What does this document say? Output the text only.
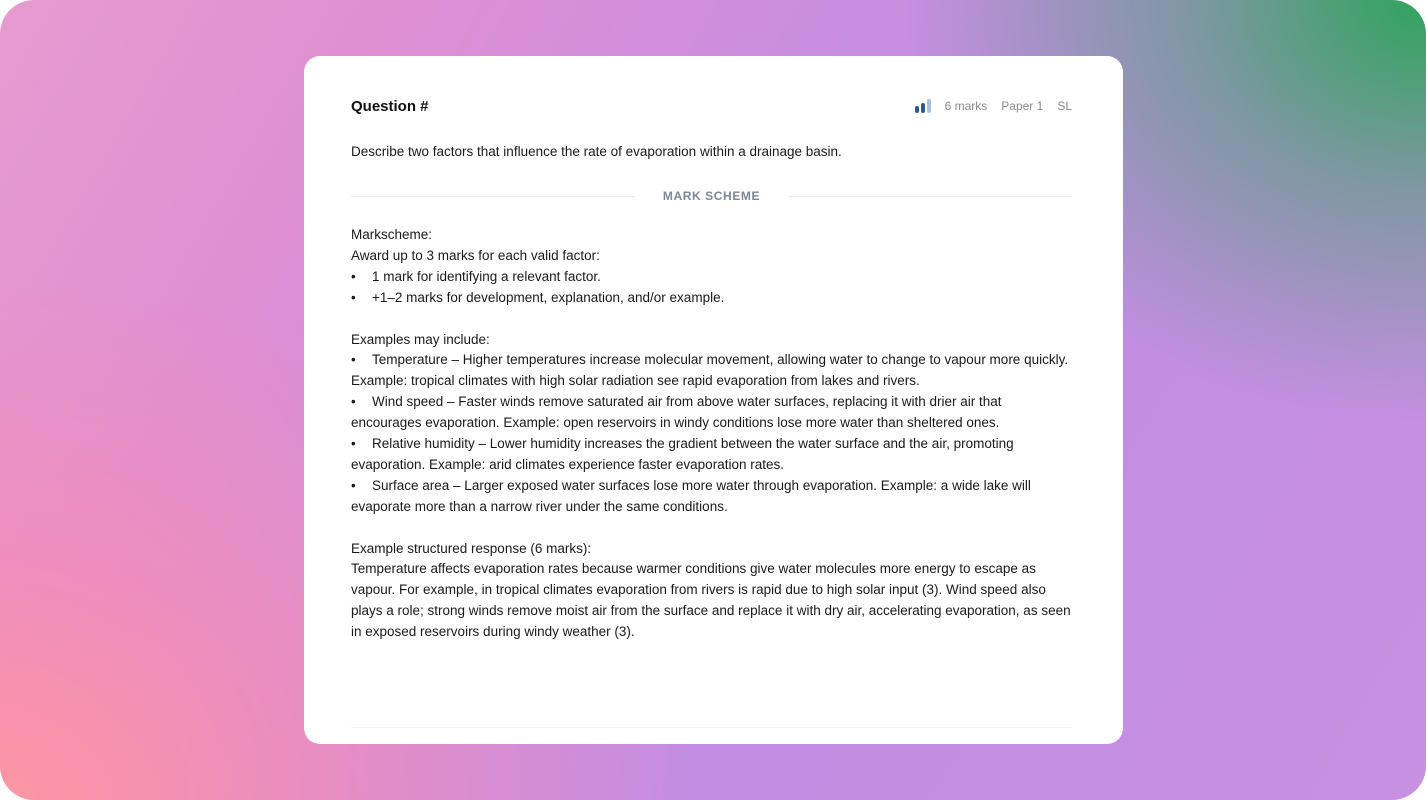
Question #	6 marks Paper 1 SL
Describe two factors that influence the rate of evaporation within a drainage basin.
MARK SCHEME

Markscheme:

Award up to 3 marks for each valid factor:

• 1 mark for identifying a relevant factor.

• +1–2 marks for development, explanation, and/or example.

Examples may include:

• Temperature – Higher temperatures increase molecular movement, allowing water to change to vapour more quickly. Example: tropical climates with high solar radiation see rapid evaporation from lakes and rivers.

• Wind speed – Faster winds remove saturated air from above water surfaces, replacing it with drier air that encourages evaporation. Example: open reservoirs in windy conditions lose more water than sheltered ones.

• Relative humidity – Lower humidity increases the gradient between the water surface and the air, promoting evaporation. Example: arid climates experience faster evaporation rates.

• Surface area – Larger exposed water surfaces lose more water through evaporation. Example: a wide lake will evaporate more than a narrow river under the same conditions.

Example structured response (6 marks):

Temperature affects evaporation rates because warmer conditions give water molecules more energy to escape as vapour. For example, in tropical climates evaporation from rivers is rapid due to high solar input (3). Wind speed also plays a role; strong winds remove moist air from the surface and replace it with dry air, accelerating evaporation, as seen in exposed reservoirs during windy weather (3).
